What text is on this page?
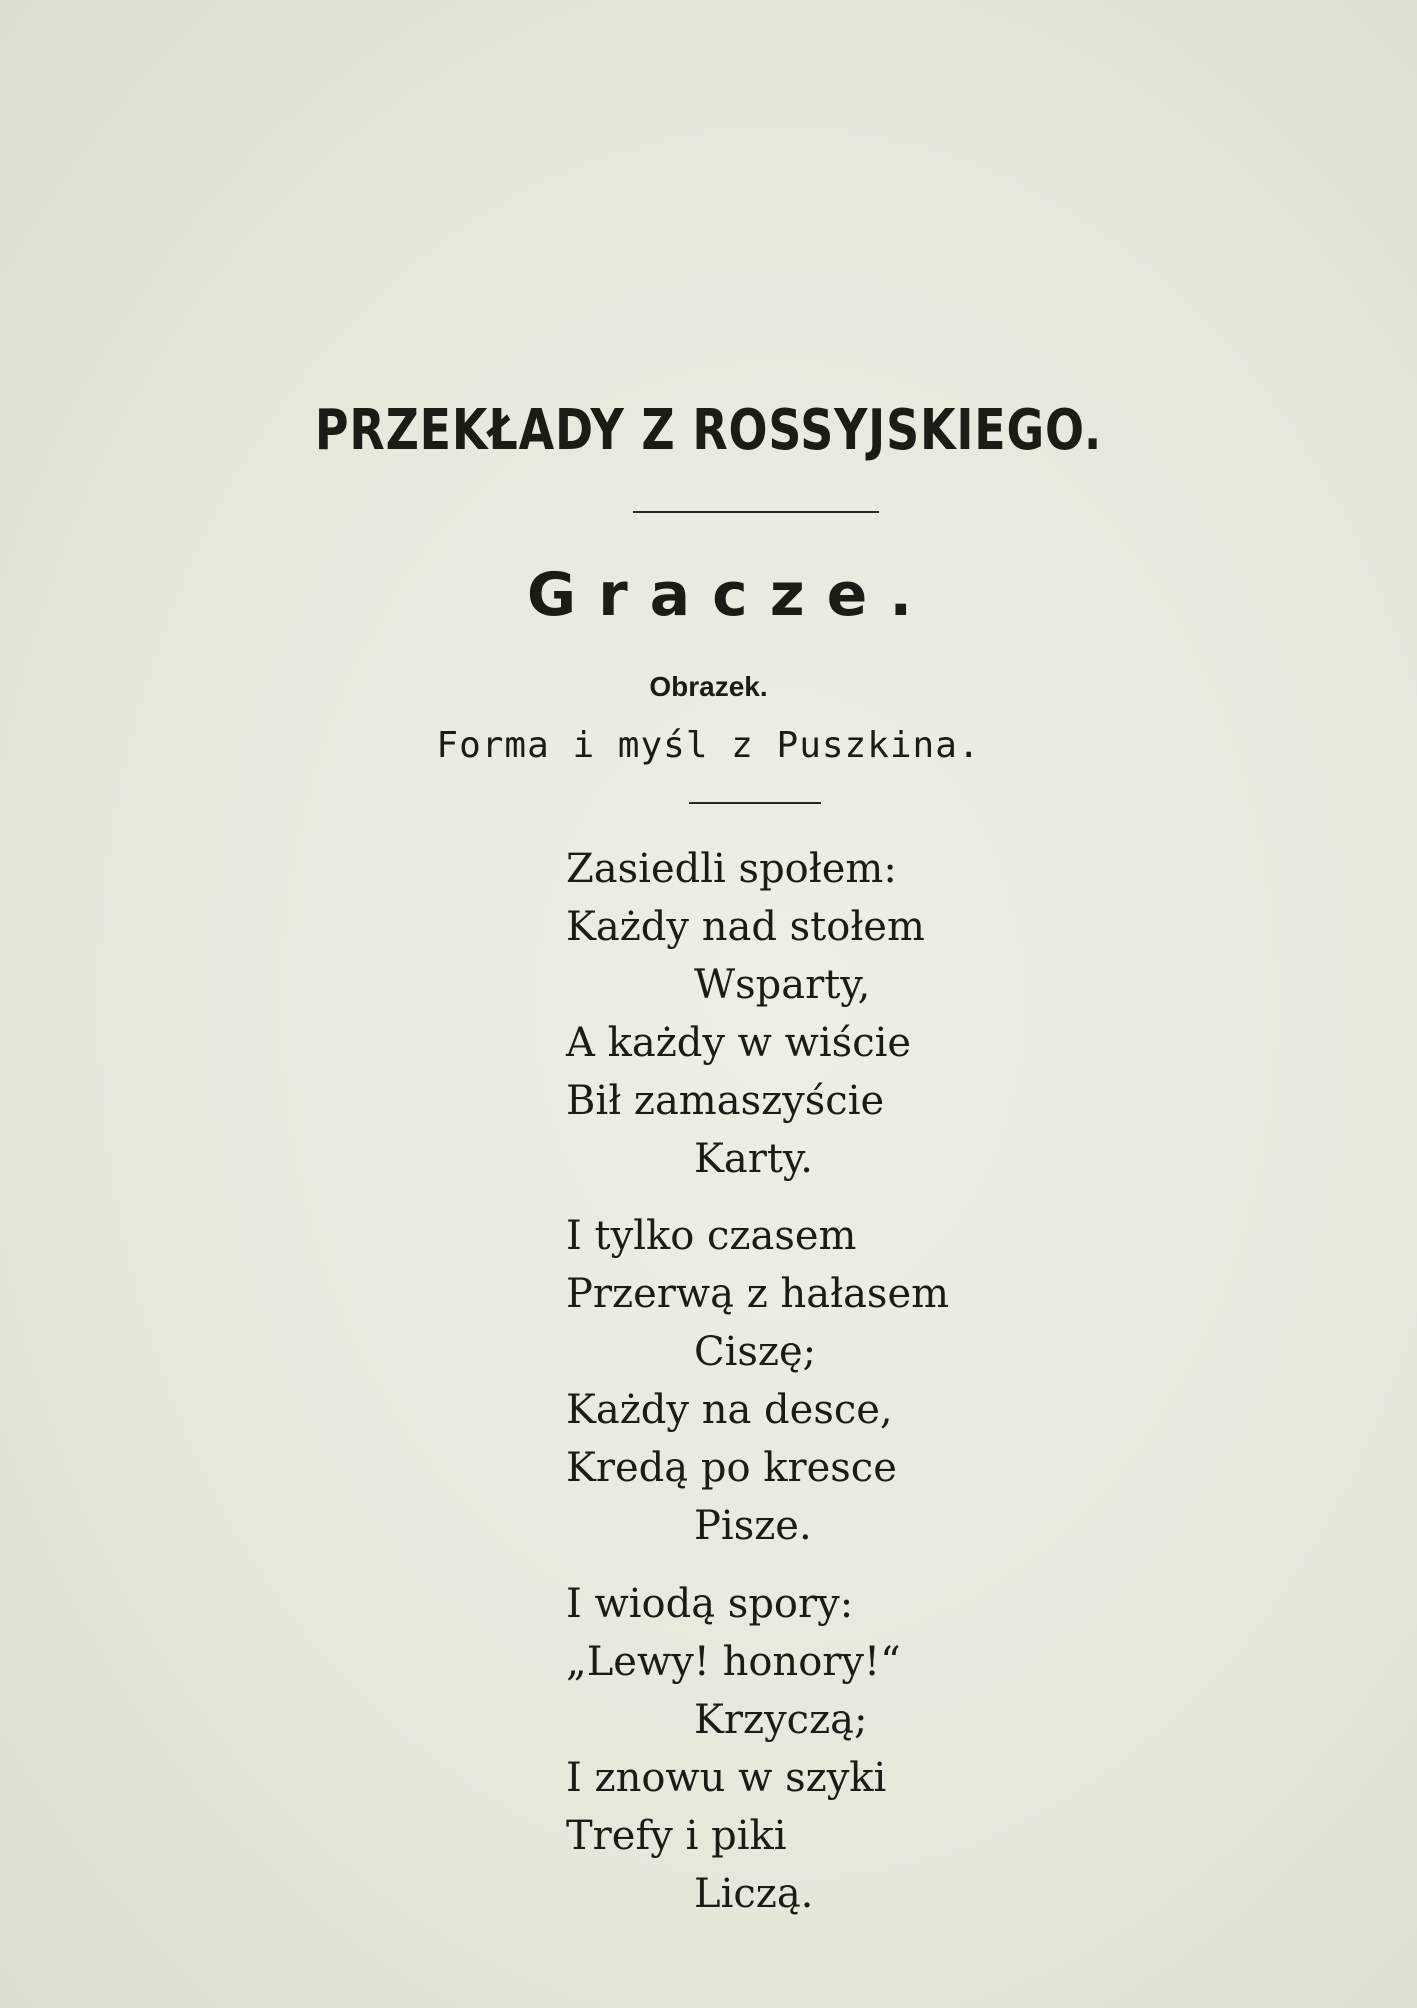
PRZEKŁADY Z ROSSYJSKIEGO.
Gracze.
Obrazek.
Forma i myśl z Puszkina.
Zasiedli społem:
Każdy nad stołem
Wsparty,
A każdy w wiście
Bił zamaszyście
Karty.
I tylko czasem
Przerwą z hałasem
Ciszę;
Każdy na desce,
Kredą po kresce
Pisze.
I wiodą spory:
„Lewy! honory!“
Krzyczą;
I znowu w szyki
Trefy i piki
Liczą.
